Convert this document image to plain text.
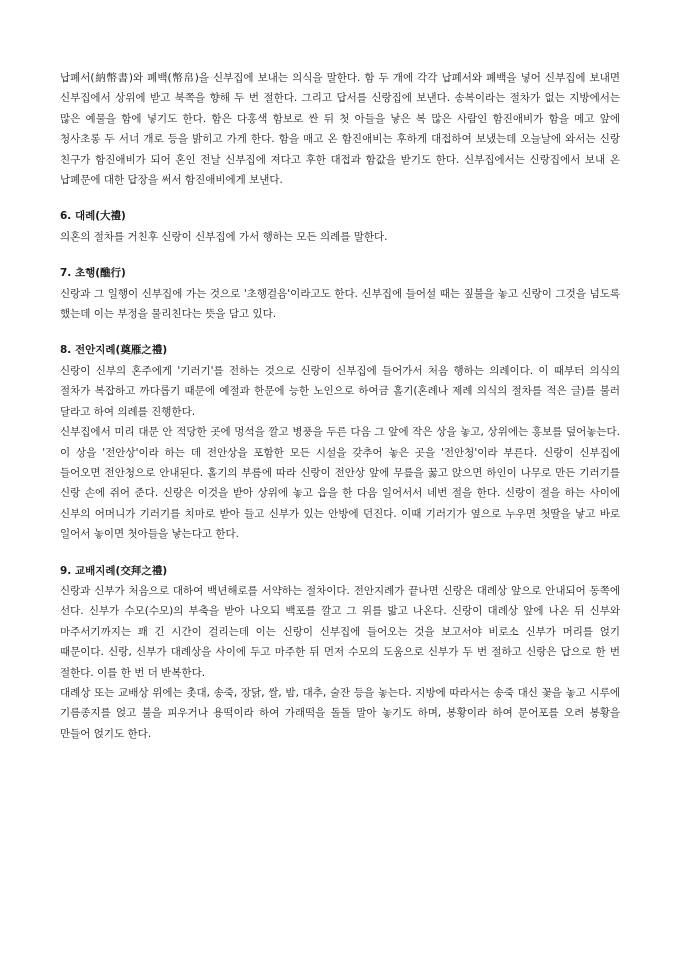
납폐서(納幣書)와 폐백(幣帛)을 신부집에 보내는 의식을 말한다. 함 두 개에 각각 납폐서와 폐백을 넣어 신부집에 보내면 신부집에서 상위에 받고 북쪽을 향해 두 번 절한다. 그리고 답서를 신랑집에 보낸다. 송복이라는 절차가 없는 지방에서는 많은 예물을 함에 넣기도 한다. 함은 다홍색 함보로 싼 뒤 첫 아들을 낳은 복 많은 사람인 함진애비가 함을 메고 앞에 청사초롱 두 서너 개로 등을 밝히고 가게 한다. 함을 매고 온 함진애비는 후하게 대접하여 보냈는데 오늘날에 와서는 신랑 친구가 함진애비가 되어 혼인 전날 신부집에 져다고 후한 대접과 함값을 받기도 한다. 신부집에서는 신랑집에서 보내 온 납폐문에 대한 답장을 써서 함진애비에게 보낸다.

6. 대례(大禮)

의혼의 절차를 거친후 신랑이 신부집에 가서 행하는 모든 의례를 말한다.

7. 초행(醮行)

신랑과 그 일행이 신부집에 가는 것으로 '초행걸음'이라고도 한다. 신부집에 들어설 때는 짚불을 놓고 신랑이 그것을 넘도록 했는데 이는 부정을 물리친다는 뜻을 담고 있다.

8. 전안지례(奠雁之禮)

신랑이 신부의 혼주에게 '기러기'를 전하는 것으로 신랑이 신부집에 들어가서 처음 행하는 의례이다. 이 때부터 의식의 절차가 복잡하고 까다롭기 때문에 예절과 한문에 능한 노인으로 하여금 홀기(혼례나 제례 의식의 절차를 적은 글)를 불러 달라고 하여 의례를 진행한다.

신부집에서 미리 대문 안 적당한 곳에 멍석을 깔고 병풍을 두른 다음 그 앞에 작은 상을 놓고, 상위에는 홍보를 덮어놓는다. 이 상을 '전안상'이라 하는 데 전안상을 포함한 모든 시설을 갖추어 놓은 곳을 '전안청'이라 부른다. 신랑이 신부집에 들어오면 전안청으로 안내된다. 홀기의 부름에 따라 신랑이 전안상 앞에 무릎을 꿇고 앉으면 하인이 나무로 만든 기러기를 신랑 손에 쥐어 준다. 신랑은 이것을 받아 상위에 놓고 읍을 한 다음 일어서서 네번 절을 한다. 신랑이 절을 하는 사이에 신부의 어머니가 기러기를 치마로 받아 들고 신부가 있는 안방에 던진다. 이때 기러기가 옆으로 누우면 첫딸을 낳고 바로 일어서 놓이면 첫아들을 낳는다고 한다.

9. 교배지례(交拜之禮)

신랑과 신부가 처음으로 대하여 백년해로를 서약하는 절차이다. 전안지례가 끝나면 신랑은 대례상 앞으로 안내되어 동쪽에 선다. 신부가 수모(수모)의 부축을 받아 나오되 백포를 깔고 그 위를 밟고 나온다. 신랑이 대례상 앞에 나온 뒤 신부와 마주서기까지는 꽤 긴 시간이 걸리는데 이는 신랑이 신부집에 들어오는 것을 보고서야 비로소 신부가 머리를 얹기 때문이다. 신랑, 신부가 대례상을 사이에 두고 마주한 뒤 먼저 수모의 도움으로 신부가 두 번 절하고 신랑은 답으로 한 번 절한다. 이를 한 번 더 반복한다.

대례상 또는 교배상 위에는 촛대, 송죽, 장닭, 쌀, 밤, 대추, 술잔 등을 놓는다. 지방에 따라서는 송죽 대신 꽃을 놓고 시루에 기름종지를 얹고 불을 피우거나 용떡이라 하여 가래떡을 돌돌 말아 놓기도 하며, 봉황이라 하여 문어포를 오려 봉황을 만들어 얹기도 한다.
